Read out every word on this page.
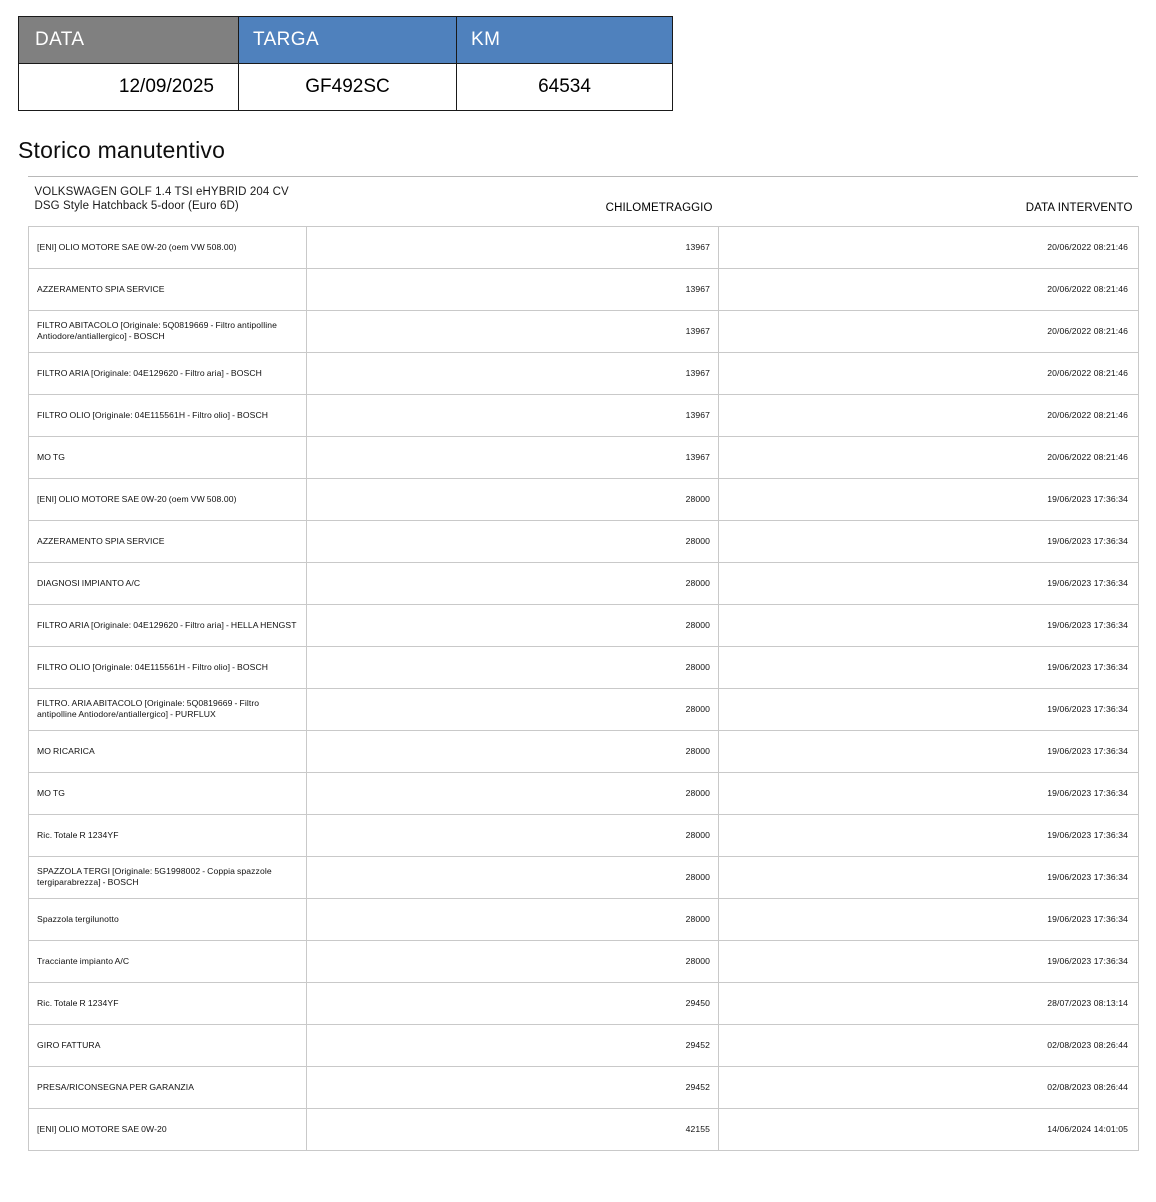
DATA	TARGA	KM
12/09/2025	GF492SC	64534
Storico manutentivo
VOLKSWAGEN GOLF 1.4 TSI eHYBRID 204 CV DSG Style Hatchback 5-door (Euro 6D)	CHILOMETRAGGIO	DATA INTERVENTO
[ENI] OLIO MOTORE SAE 0W-20 (oem VW 508.00)	13967	20/06/2022 08:21:46
AZZERAMENTO SPIA SERVICE	13967	20/06/2022 08:21:46
FILTRO ABITACOLO [Originale: 5Q0819669 - Filtro antipolline Antiodore/antiallergico] - BOSCH	13967	20/06/2022 08:21:46
FILTRO ARIA [Originale: 04E129620 - Filtro aria] - BOSCH	13967	20/06/2022 08:21:46
FILTRO OLIO [Originale: 04E115561H - Filtro olio] - BOSCH	13967	20/06/2022 08:21:46
MO TG	13967	20/06/2022 08:21:46
[ENI] OLIO MOTORE SAE 0W-20 (oem VW 508.00)	28000	19/06/2023 17:36:34
AZZERAMENTO SPIA SERVICE	28000	19/06/2023 17:36:34
DIAGNOSI IMPIANTO A/C	28000	19/06/2023 17:36:34
FILTRO ARIA [Originale: 04E129620 - Filtro aria] - HELLA HENGST	28000	19/06/2023 17:36:34
FILTRO OLIO [Originale: 04E115561H - Filtro olio] - BOSCH	28000	19/06/2023 17:36:34
FILTRO. ARIA ABITACOLO [Originale: 5Q0819669 - Filtro antipolline Antiodore/antiallergico] - PURFLUX	28000	19/06/2023 17:36:34
MO RICARICA	28000	19/06/2023 17:36:34
MO TG	28000	19/06/2023 17:36:34
Ric. Totale R 1234YF	28000	19/06/2023 17:36:34
SPAZZOLA TERGI [Originale: 5G1998002 - Coppia spazzole tergiparabrezza] - BOSCH	28000	19/06/2023 17:36:34
Spazzola tergilunotto	28000	19/06/2023 17:36:34
Tracciante impianto A/C	28000	19/06/2023 17:36:34
Ric. Totale R 1234YF	29450	28/07/2023 08:13:14
GIRO FATTURA	29452	02/08/2023 08:26:44
PRESA/RICONSEGNA PER GARANZIA	29452	02/08/2023 08:26:44
[ENI] OLIO MOTORE SAE 0W-20	42155	14/06/2024 14:01:05
